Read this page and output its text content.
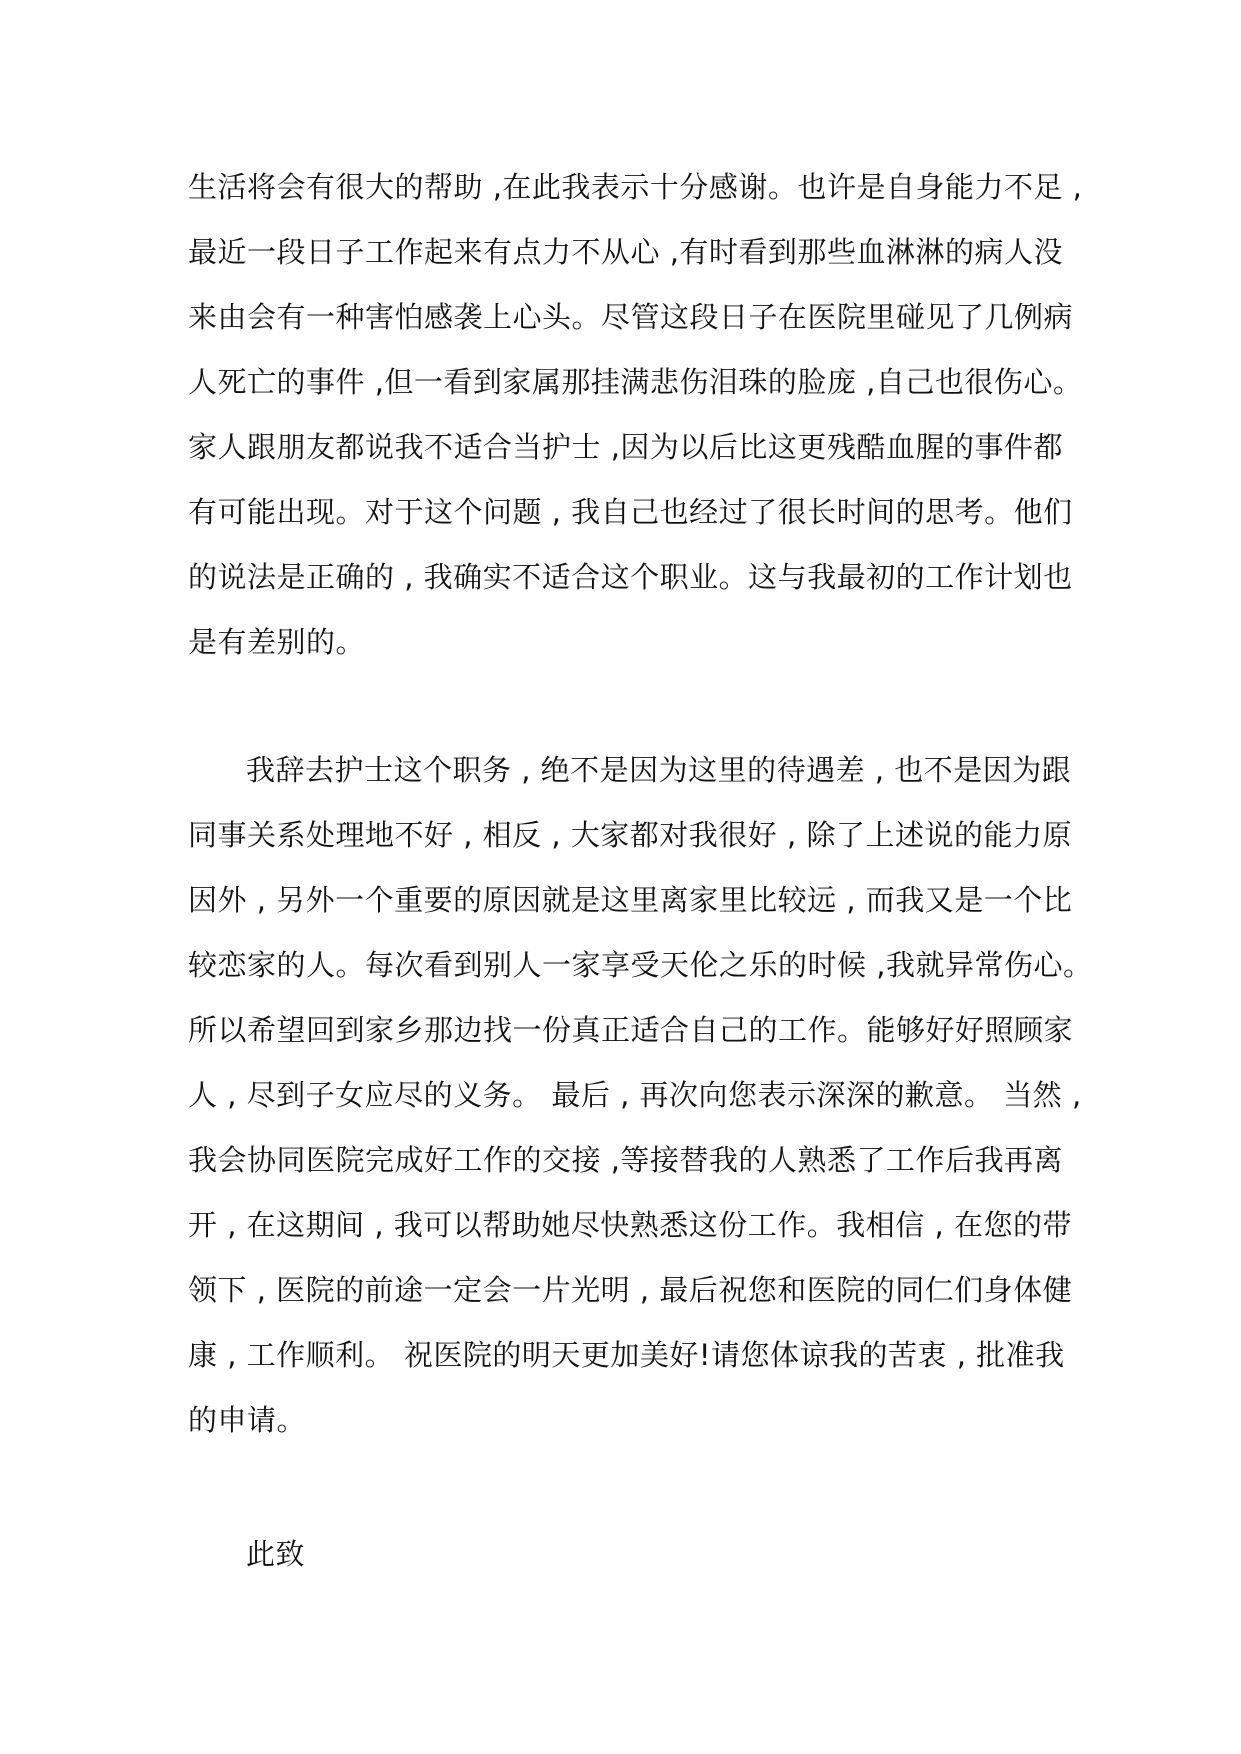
生活将会有很大的帮助 ,在此我表示十分感谢。也许是自身能力不足 ,
最近一段日子工作起来有点力不从心 ,有时看到那些血淋淋的病人没
来由会有一种害怕感袭上心头。尽管这段日子在医院里碰见了几例病
人死亡的事件 ,但一看到家属那挂满悲伤泪珠的脸庞 ,自己也很伤心。
家人跟朋友都说我不适合当护士 ,因为以后比这更残酷血腥的事件都
有可能出现。对于这个问题 , 我自己也经过了很长时间的思考。他们
的说法是正确的 , 我确实不适合这个职业。这与我最初的工作计划也
是有差别的。
我辞去护士这个职务 , 绝不是因为这里的待遇差 , 也不是因为跟
同事关系处理地不好 , 相反 , 大家都对我很好 , 除了上述说的能力原
因外 , 另外一个重要的原因就是这里离家里比较远 , 而我又是一个比
较恋家的人。每次看到别人一家享受天伦之乐的时候 ,我就异常伤心。
所以希望回到家乡那边找一份真正适合自己的工作。能够好好照顾家
人 , 尽到子女应尽的义务。 最后 , 再次向您表示深深的歉意。 当然 ,
我会协同医院完成好工作的交接 ,等接替我的人熟悉了工作后我再离
开 , 在这期间 , 我可以帮助她尽快熟悉这份工作。我相信 , 在您的带
领下 , 医院的前途一定会一片光明 , 最后祝您和医院的同仁们身体健
康 , 工作顺利。 祝医院的明天更加美好!请您体谅我的苦衷 , 批准我
的申请。
此致
